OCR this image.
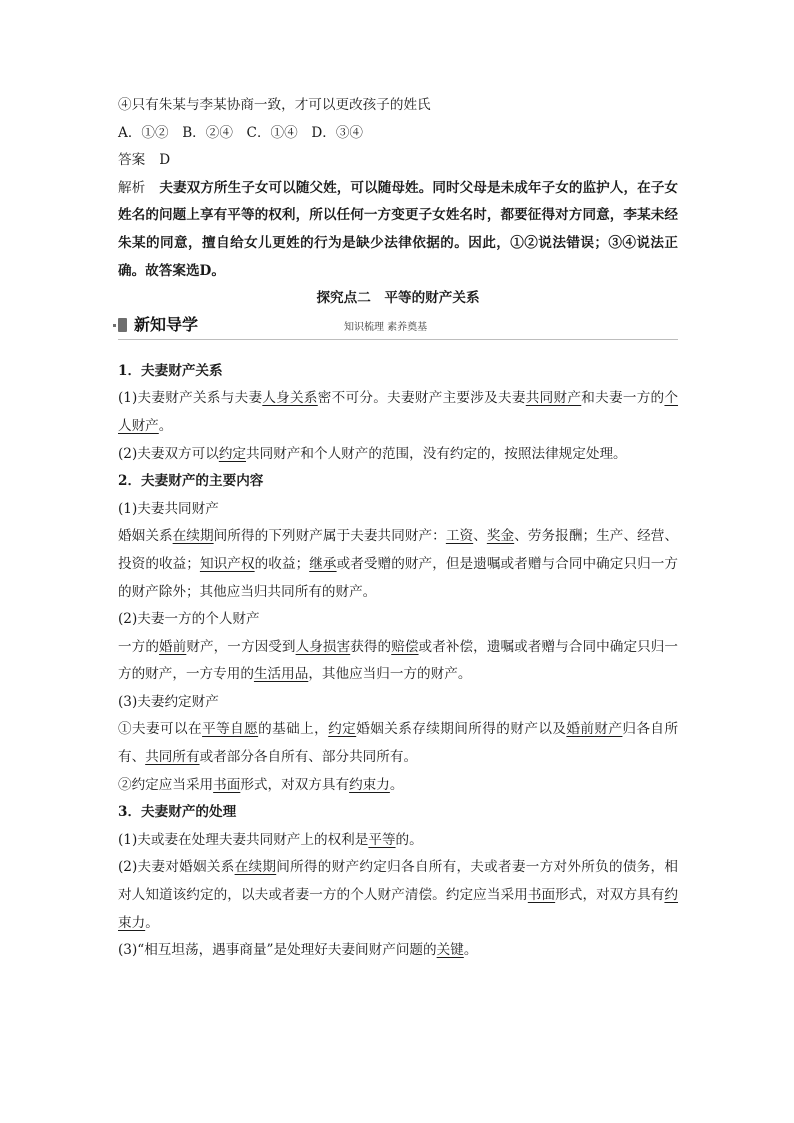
④只有朱某与李某协商一致，才可以更改孩子的姓氏
A．①②　B．②④　C．①④　D．③④
答案 D
解析 夫妻双方所生子女可以随父姓，可以随母姓。同时父母是未成年子女的监护人，在子女姓名的问题上享有平等的权利，所以任何一方变更子女姓名时，都要征得对方同意，李某未经朱某的同意，擅自给女儿更姓的行为是缺少法律依据的。因此，①②说法错误；③④说法正确。故答案选D。
探究点二　平等的财产关系
新知导学	知识梳理 素养奠基
1．夫妻财产关系
(1)夫妻财产关系与夫妻人身关系密不可分。夫妻财产主要涉及夫妻共同财产和夫妻一方的个人财产。
(2)夫妻双方可以约定共同财产和个人财产的范围，没有约定的，按照法律规定处理。
2．夫妻财产的主要内容
(1)夫妻共同财产
婚姻关系在续期间所得的下列财产属于夫妻共同财产：工资、奖金、劳务报酬；生产、经营、投资的收益；知识产权的收益；继承或者受赠的财产，但是遗嘱或者赠与合同中确定只归一方的财产除外；其他应当归共同所有的财产。
(2)夫妻一方的个人财产
一方的婚前财产，一方因受到人身损害获得的赔偿或者补偿，遗嘱或者赠与合同中确定只归一方的财产，一方专用的生活用品，其他应当归一方的财产。
(3)夫妻约定财产
①夫妻可以在平等自愿的基础上，约定婚姻关系存续期间所得的财产以及婚前财产归各自所有、共同所有或者部分各自所有、部分共同所有。
②约定应当采用书面形式，对双方具有约束力。
3．夫妻财产的处理
(1)夫或妻在处理夫妻共同财产上的权利是平等的。
(2)夫妻对婚姻关系在续期间所得的财产约定归各自所有，夫或者妻一方对外所负的债务，相对人知道该约定的，以夫或者妻一方的个人财产清偿。约定应当采用书面形式，对双方具有约束力。
(3)“相互坦荡，遇事商量”是处理好夫妻间财产问题的关键。
